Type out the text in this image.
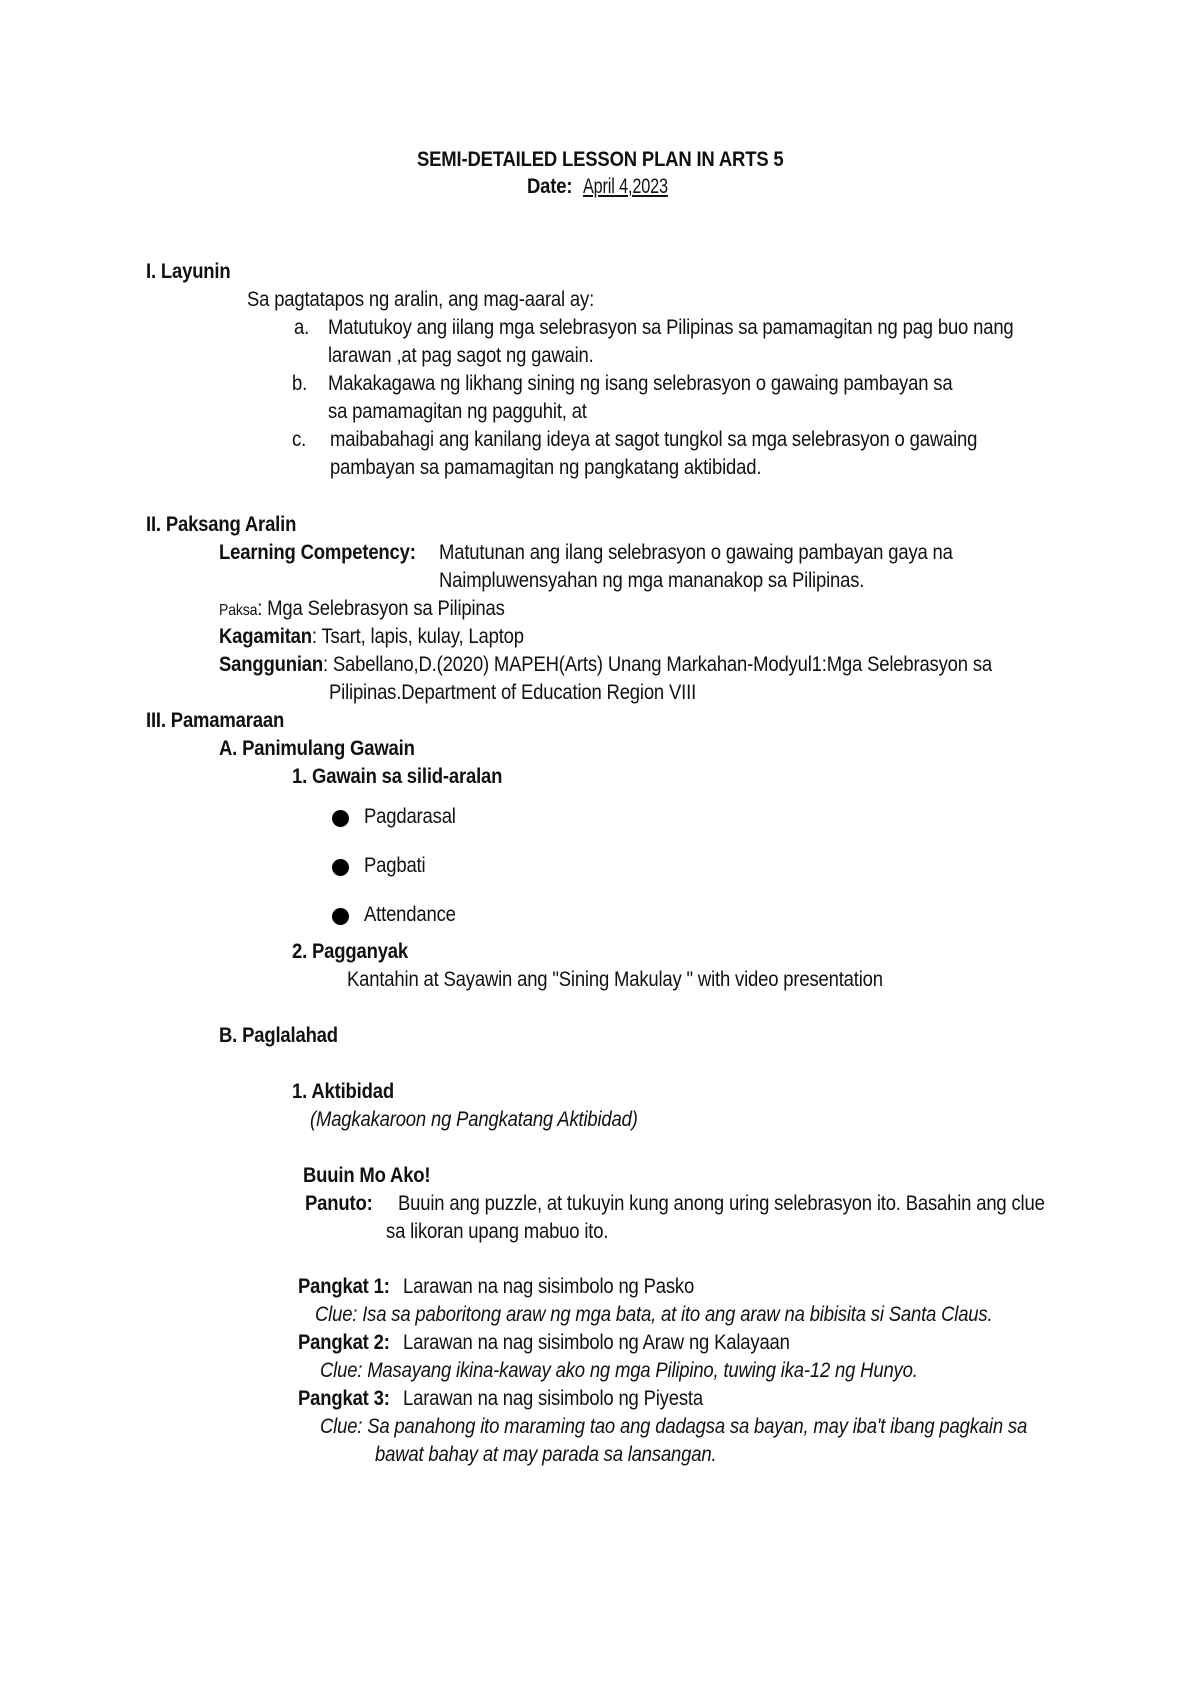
SEMI-DETAILED LESSON PLAN IN ARTS 5
Date: April 4,2023
I. Layunin
Sa pagtatapos ng aralin, ang mag-aaral ay:
a. Matutukoy ang iilang mga selebrasyon sa Pilipinas sa pamamagitan ng pag buo nang
larawan ,at pag sagot ng gawain.
b. Makakagawa ng likhang sining ng isang selebrasyon o gawaing pambayan sa
sa pamamagitan ng pagguhit, at
c. maibabahagi ang kanilang ideya at sagot tungkol sa mga selebrasyon o gawaing
pambayan sa pamamagitan ng pangkatang aktibidad.
II. Paksang Aralin
Learning Competency: Matutunan ang ilang selebrasyon o gawaing pambayan gaya na
Naimpluwensyahan ng mga mananakop sa Pilipinas.
Paksa: Mga Selebrasyon sa Pilipinas
Kagamitan: Tsart, lapis, kulay, Laptop
Sanggunian: Sabellano,D.(2020) MAPEH(Arts) Unang Markahan-Modyul1:Mga Selebrasyon sa
Pilipinas.Department of Education Region VIII
III. Pamamaraan
A. Panimulang Gawain
1. Gawain sa silid-aralan
Pagdarasal
Pagbati
Attendance
2. Pagganyak
Kantahin at Sayawin ang "Sining Makulay " with video presentation
B. Paglalahad
1. Aktibidad
(Magkakaroon ng Pangkatang Aktibidad)
Buuin Mo Ako!
Panuto: Buuin ang puzzle, at tukuyin kung anong uring selebrasyon ito. Basahin ang clue
sa likoran upang mabuo ito.
Pangkat 1: Larawan na nag sisimbolo ng Pasko
Clue: Isa sa paboritong araw ng mga bata, at ito ang araw na bibisita si Santa Claus.
Pangkat 2: Larawan na nag sisimbolo ng Araw ng Kalayaan
Clue: Masayang ikina-kaway ako ng mga Pilipino, tuwing ika-12 ng Hunyo.
Pangkat 3: Larawan na nag sisimbolo ng Piyesta
Clue: Sa panahong ito maraming tao ang dadagsa sa bayan, may iba't ibang pagkain sa
bawat bahay at may parada sa lansangan.
